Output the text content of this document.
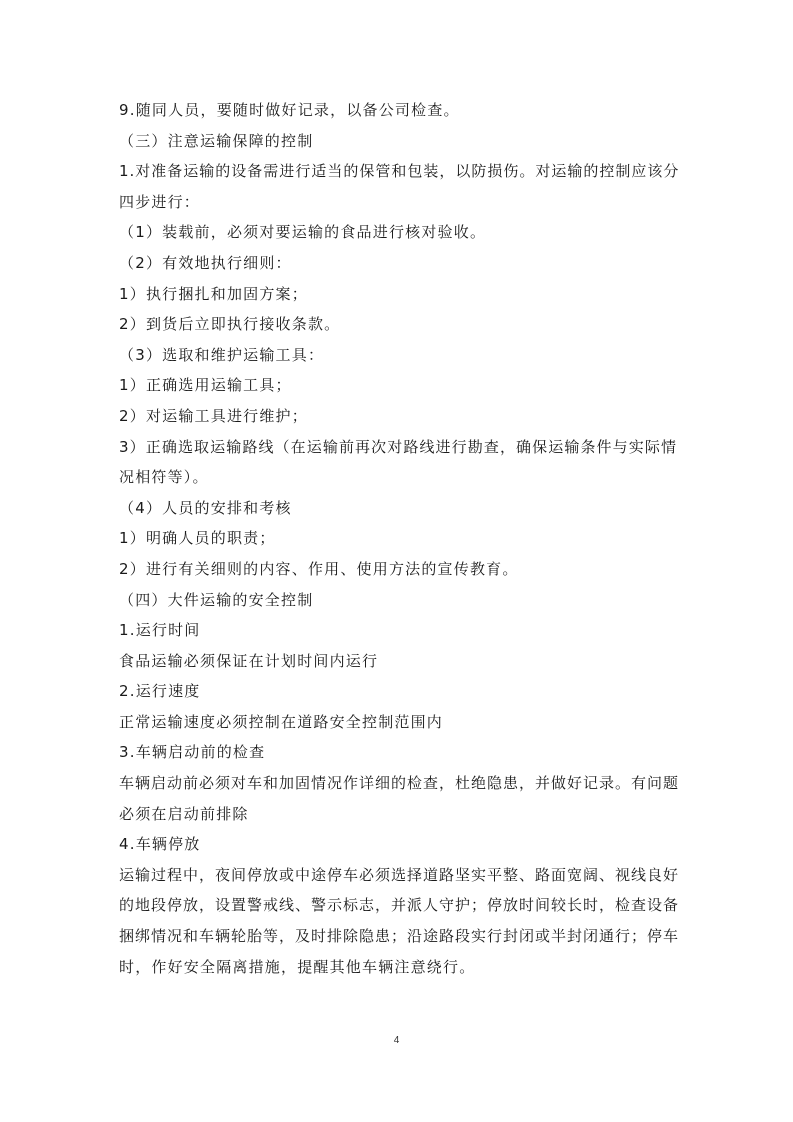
9.随同人员，要随时做好记录，以备公司检查。
（三）注意运输保障的控制
1.对准备运输的设备需进行适当的保管和包装，以防损伤。对运输的控制应该分
四步进行：
（1）装载前，必须对要运输的食品进行核对验收。
（2）有效地执行细则：
1）执行捆扎和加固方案；
2）到货后立即执行接收条款。
（3）选取和维护运输工具：
1）正确选用运输工具；
2）对运输工具进行维护；
3）正确选取运输路线（在运输前再次对路线进行勘查，确保运输条件与实际情
况相符等）。
（4）人员的安排和考核
1）明确人员的职责；
2）进行有关细则的内容、作用、使用方法的宣传教育。
（四）大件运输的安全控制
1.运行时间
食品运输必须保证在计划时间内运行
2.运行速度
正常运输速度必须控制在道路安全控制范围内
3.车辆启动前的检查
车辆启动前必须对车和加固情况作详细的检查，杜绝隐患，并做好记录。有问题
必须在启动前排除
4.车辆停放
运输过程中，夜间停放或中途停车必须选择道路坚实平整、路面宽阔、视线良好
的地段停放，设置警戒线、警示标志，并派人守护；停放时间较长时，检查设备
捆绑情况和车辆轮胎等，及时排除隐患；沿途路段实行封闭或半封闭通行；停车
时，作好安全隔离措施，提醒其他车辆注意绕行。
4
